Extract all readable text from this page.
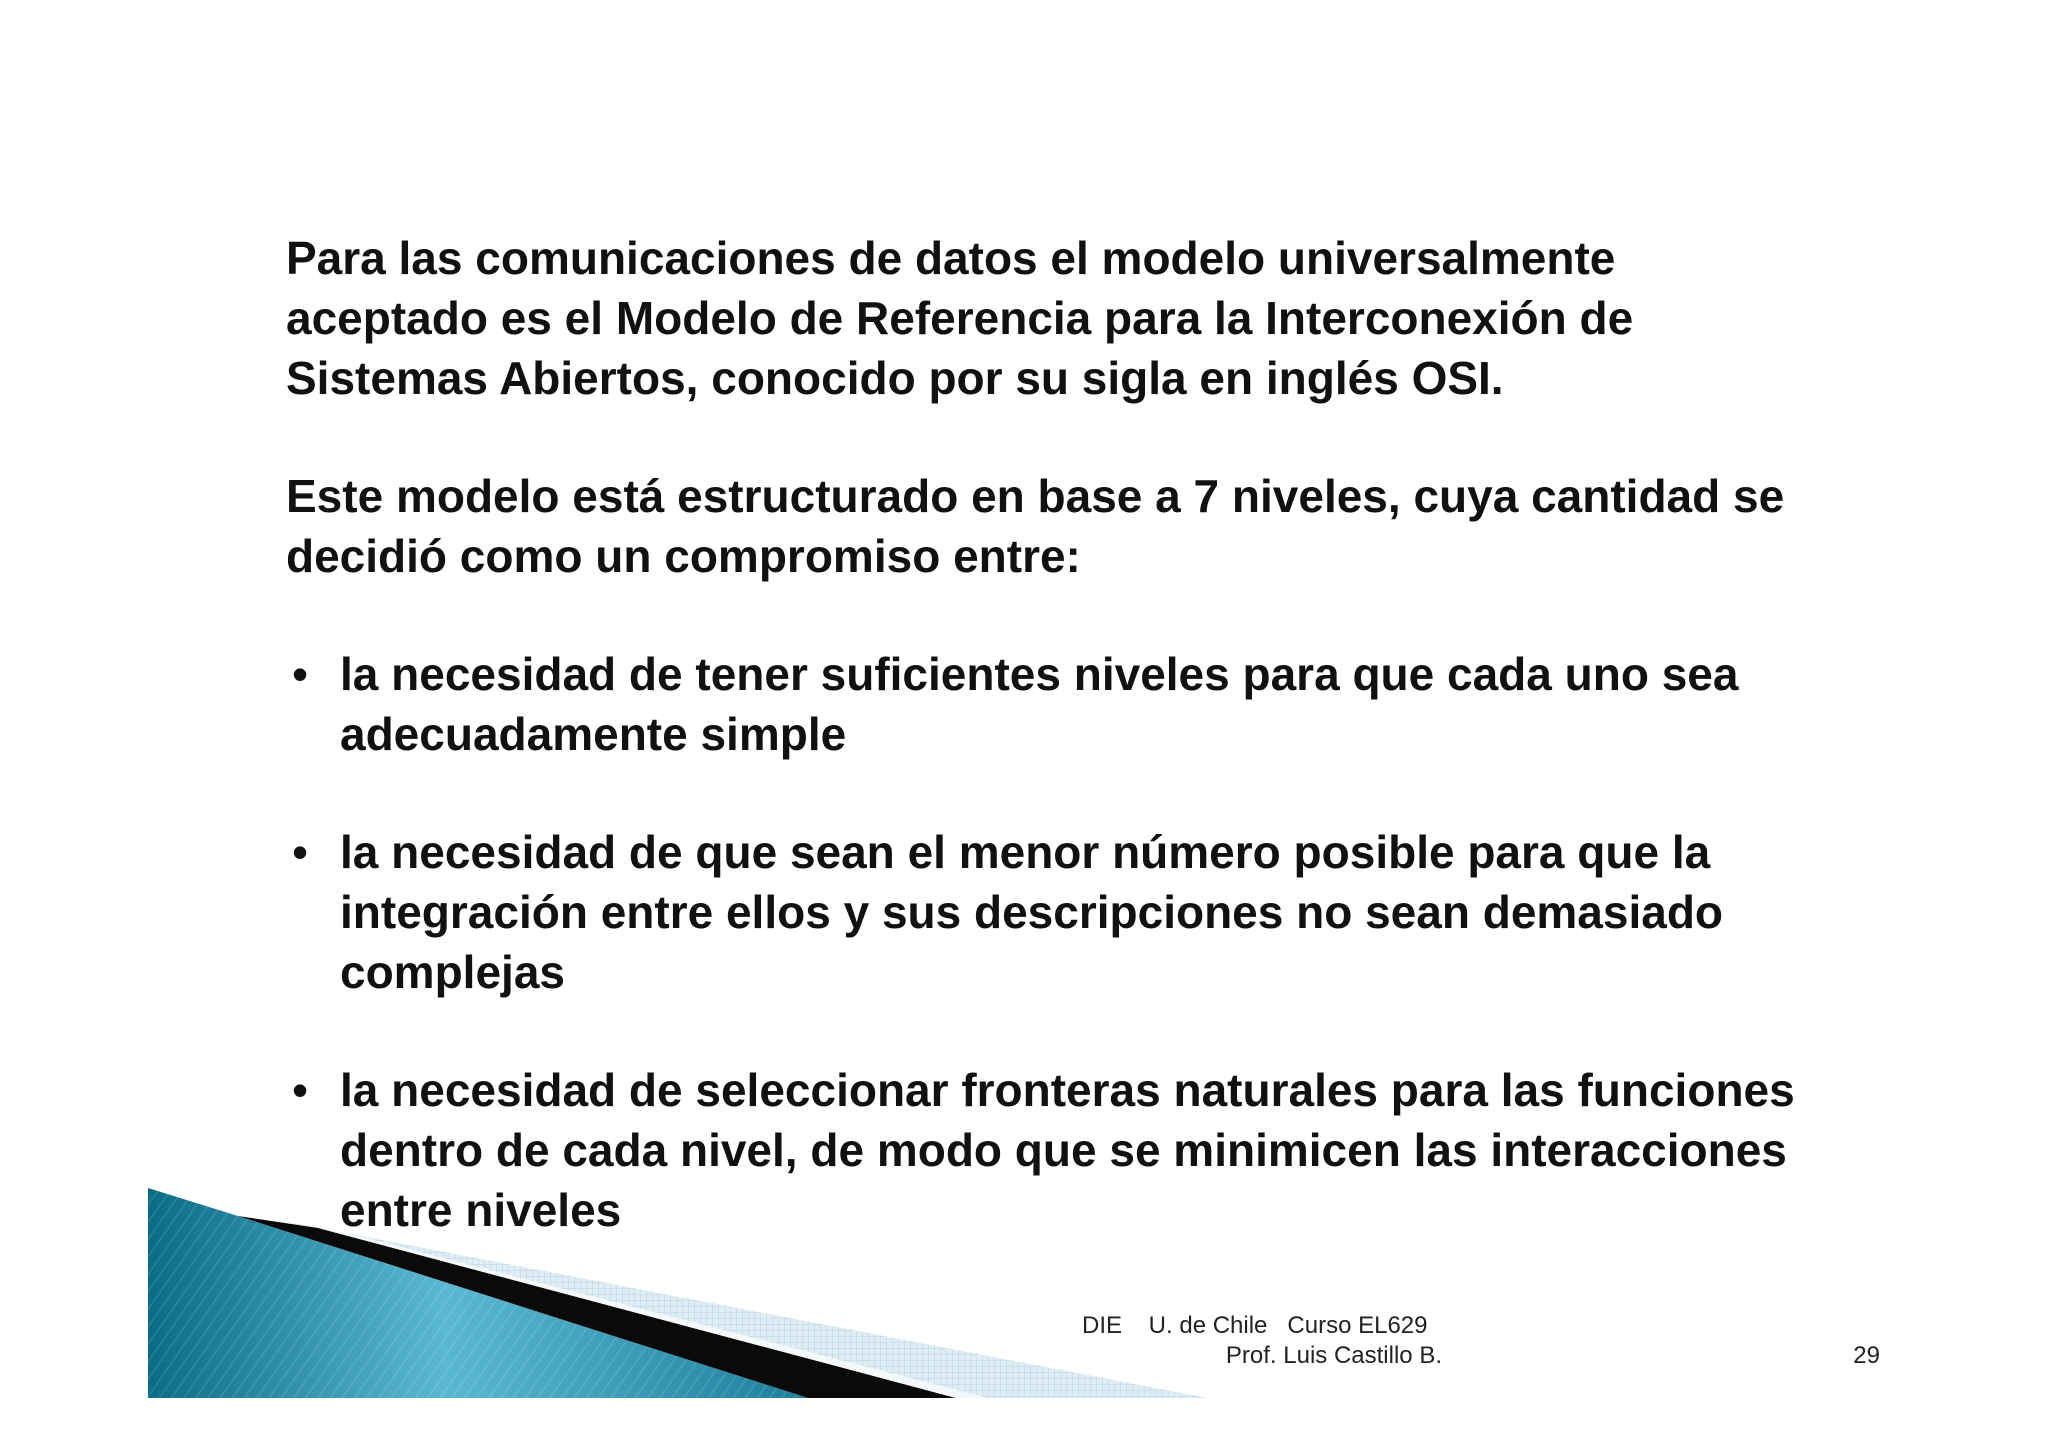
Para las comunicaciones de datos el modelo universalmente aceptado es el Modelo de Referencia para la Interconexión de Sistemas Abiertos, conocido por su sigla en inglés OSI.

Este modelo está estructurado en base a 7 niveles, cuya cantidad se decidió como un compromiso entre:

• la necesidad de tener suficientes niveles para que cada uno sea adecuadamente simple
• la necesidad de que sean el menor número posible para que la integración entre ellos y sus descripciones no sean demasiado complejas
• la necesidad de seleccionar fronteras naturales para las funciones dentro de cada nivel, de modo que se minimicen las interacciones entre niveles
DIE    U. de Chile   Curso EL629
Prof. Luis Castillo B.	29
